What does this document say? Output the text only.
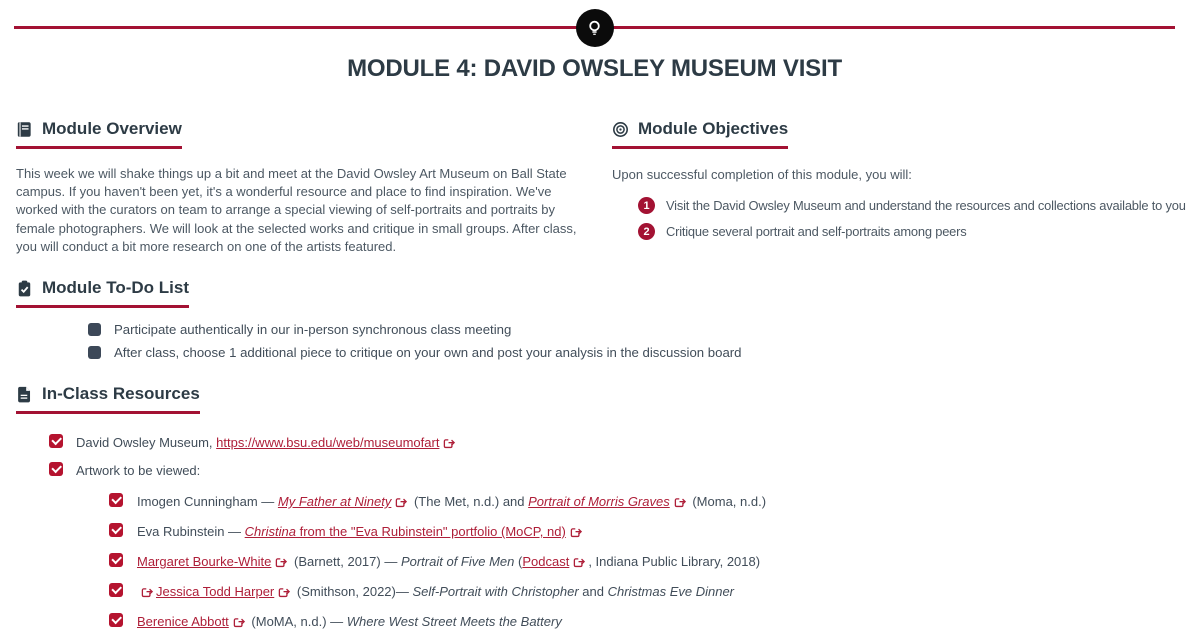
MODULE 4: DAVID OWSLEY MUSEUM VISIT
Module Overview

This week we will shake things up a bit and meet at the David Owsley Art Museum on Ball State campus. If you haven't been yet, it's a wonderful resource and place to find inspiration. We've worked with the curators on team to arrange a special viewing of self-portraits and portraits by female photographers. We will look at the selected works and critique in small groups. After class, you will conduct a bit more research on one of the artists featured.

Module Objectives

Upon successful completion of this module, you will:

1	Visit the David Owsley Museum and understand the resources and collections available to you
2	Critique several portrait and self-portraits among peers
Module To-Do List
Participate authentically in our in-person synchronous class meeting
After class, choose 1 additional piece to critique on your own and post your analysis in the discussion board
In-Class Resources
David Owsley Museum, https://www.bsu.edu/web/museumofart
Artwork to be viewed:
Imogen Cunningham — My Father at Ninety (The Met, n.d.) and Portrait of Morris Graves (Moma, n.d.)
Eva Rubinstein — Christina from the "Eva Rubinstein" portfolio (MoCP, nd)
Margaret Bourke-White (Barnett, 2017) — Portrait of Five Men (Podcast , Indiana Public Library, 2018)
Jessica Todd Harper (Smithson, 2022)— Self-Portrait with Christopher and Christmas Eve Dinner
Berenice Abbott (MoMA, n.d.) — Where West Street Meets the Battery
